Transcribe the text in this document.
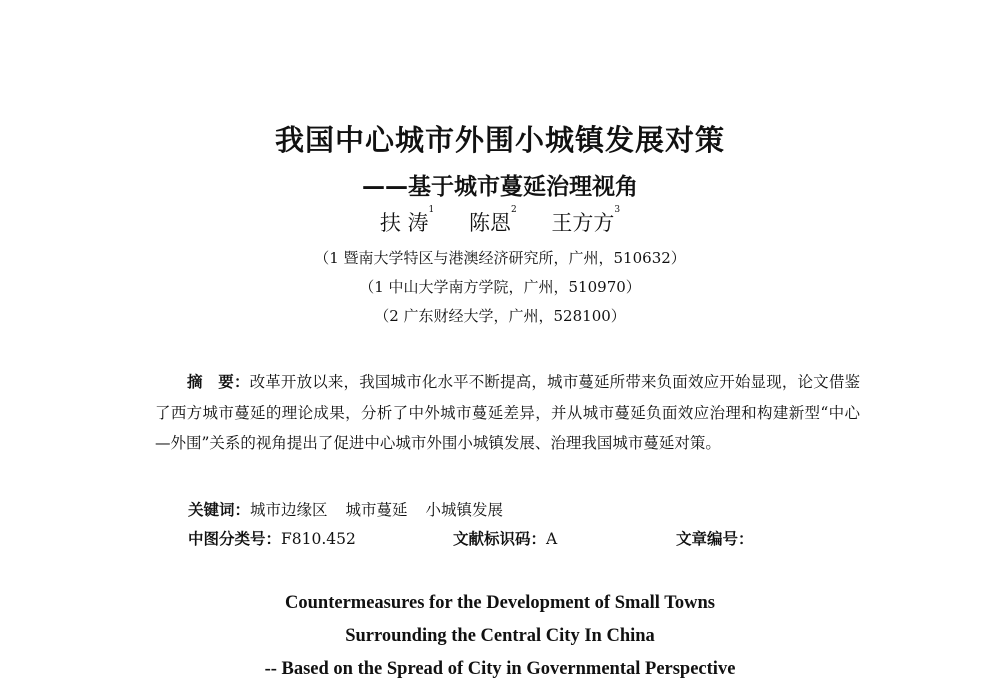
我国中心城市外围小城镇发展对策
——基于城市蔓延治理视角
扶 涛$^1$ 陈恩$^2$ 王方方$^3$
（1 暨南大学特区与港澳经济研究所，广州，510632）
（1 中山大学南方学院，广州，510970）
（2 广东财经大学，广州，528100）
摘　要：改革开放以来，我国城市化水平不断提高，城市蔓延所带来负面效应开始显现，论文借鉴了西方城市蔓延的理论成果，分析了中外城市蔓延差异，并从城市蔓延负面效应治理和构建新型“中心—外围”关系的视角提出了促进中心城市外围小城镇发展、治理我国城市蔓延对策。
关键词：城市边缘区 城市蔓延 小城镇发展
中图分类号：F810.452	文献标识码：A	文章编号：
Countermeasures for the Development of Small Towns
Surrounding the Central City In China
-- Based on the Spread of City in Governmental Perspective
